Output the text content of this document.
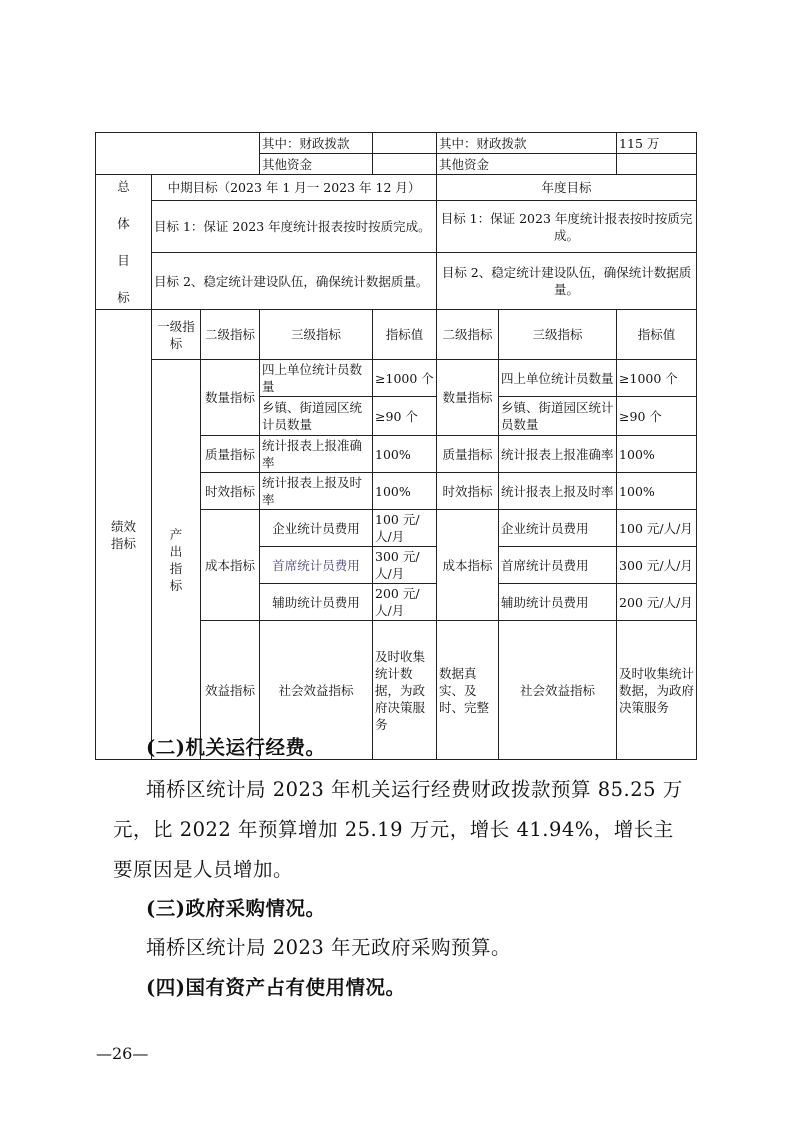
			其中：财政拨款		其中：财政拨款		115 万	
			其他资金		其他资金			

总
体
目
标	中期目标（2023 年 1 月一 2023 年 12 月）				年度目标			
	目标 1：保证 2023 年度统计报表按时按质完成。				目标 1：保证 2023 年度统计报表按时按质完成。			
	目标 2、稳定统计建设队伍，确保统计数据质量。				目标 2、稳定统计建设队伍，确保统计数据质量。			

绩效指标	一级指标	二级指标	三级指标	指标值	二级指标	三级指标	指标值	

	产出指标	数量指标	四上单位统计员数量	≥1000 个	数量指标	四上单位统计员数量	≥1000 个	
			乡镇、街道园区统计员数量	≥90 个		乡镇、街道园区统计员数量	≥90 个	
		质量指标	统计报表上报准确率	100%	质量指标	统计报表上报准确率	100%	
		时效指标	统计报表上报及时率	100%	时效指标	统计报表上报及时率	100%	
		成本指标	企业统计员费用	100 元/人/月	成本指标	企业统计员费用	100 元/人/月	
			首席统计员费用	300 元/人/月		首席统计员费用	300 元/人/月	
			辅助统计员费用	200 元/人/月		辅助统计员费用	200 元/人/月	
		效益指标	社会效益指标	及时收集统计数据，为政府决策服务	数据真实、及时、完整	社会效益指标	及时收集统计数据，为政府决策服务	

(二)机关运行经费。

埇桥区统计局 2023 年机关运行经费财政拨款预算 85.25 万元，比 2022 年预算增加 25.19 万元，增长 41.94%，增长主要原因是人员增加。

(三)政府采购情况。

埇桥区统计局 2023 年无政府采购预算。

(四)国有资产占有使用情况。

—26—
